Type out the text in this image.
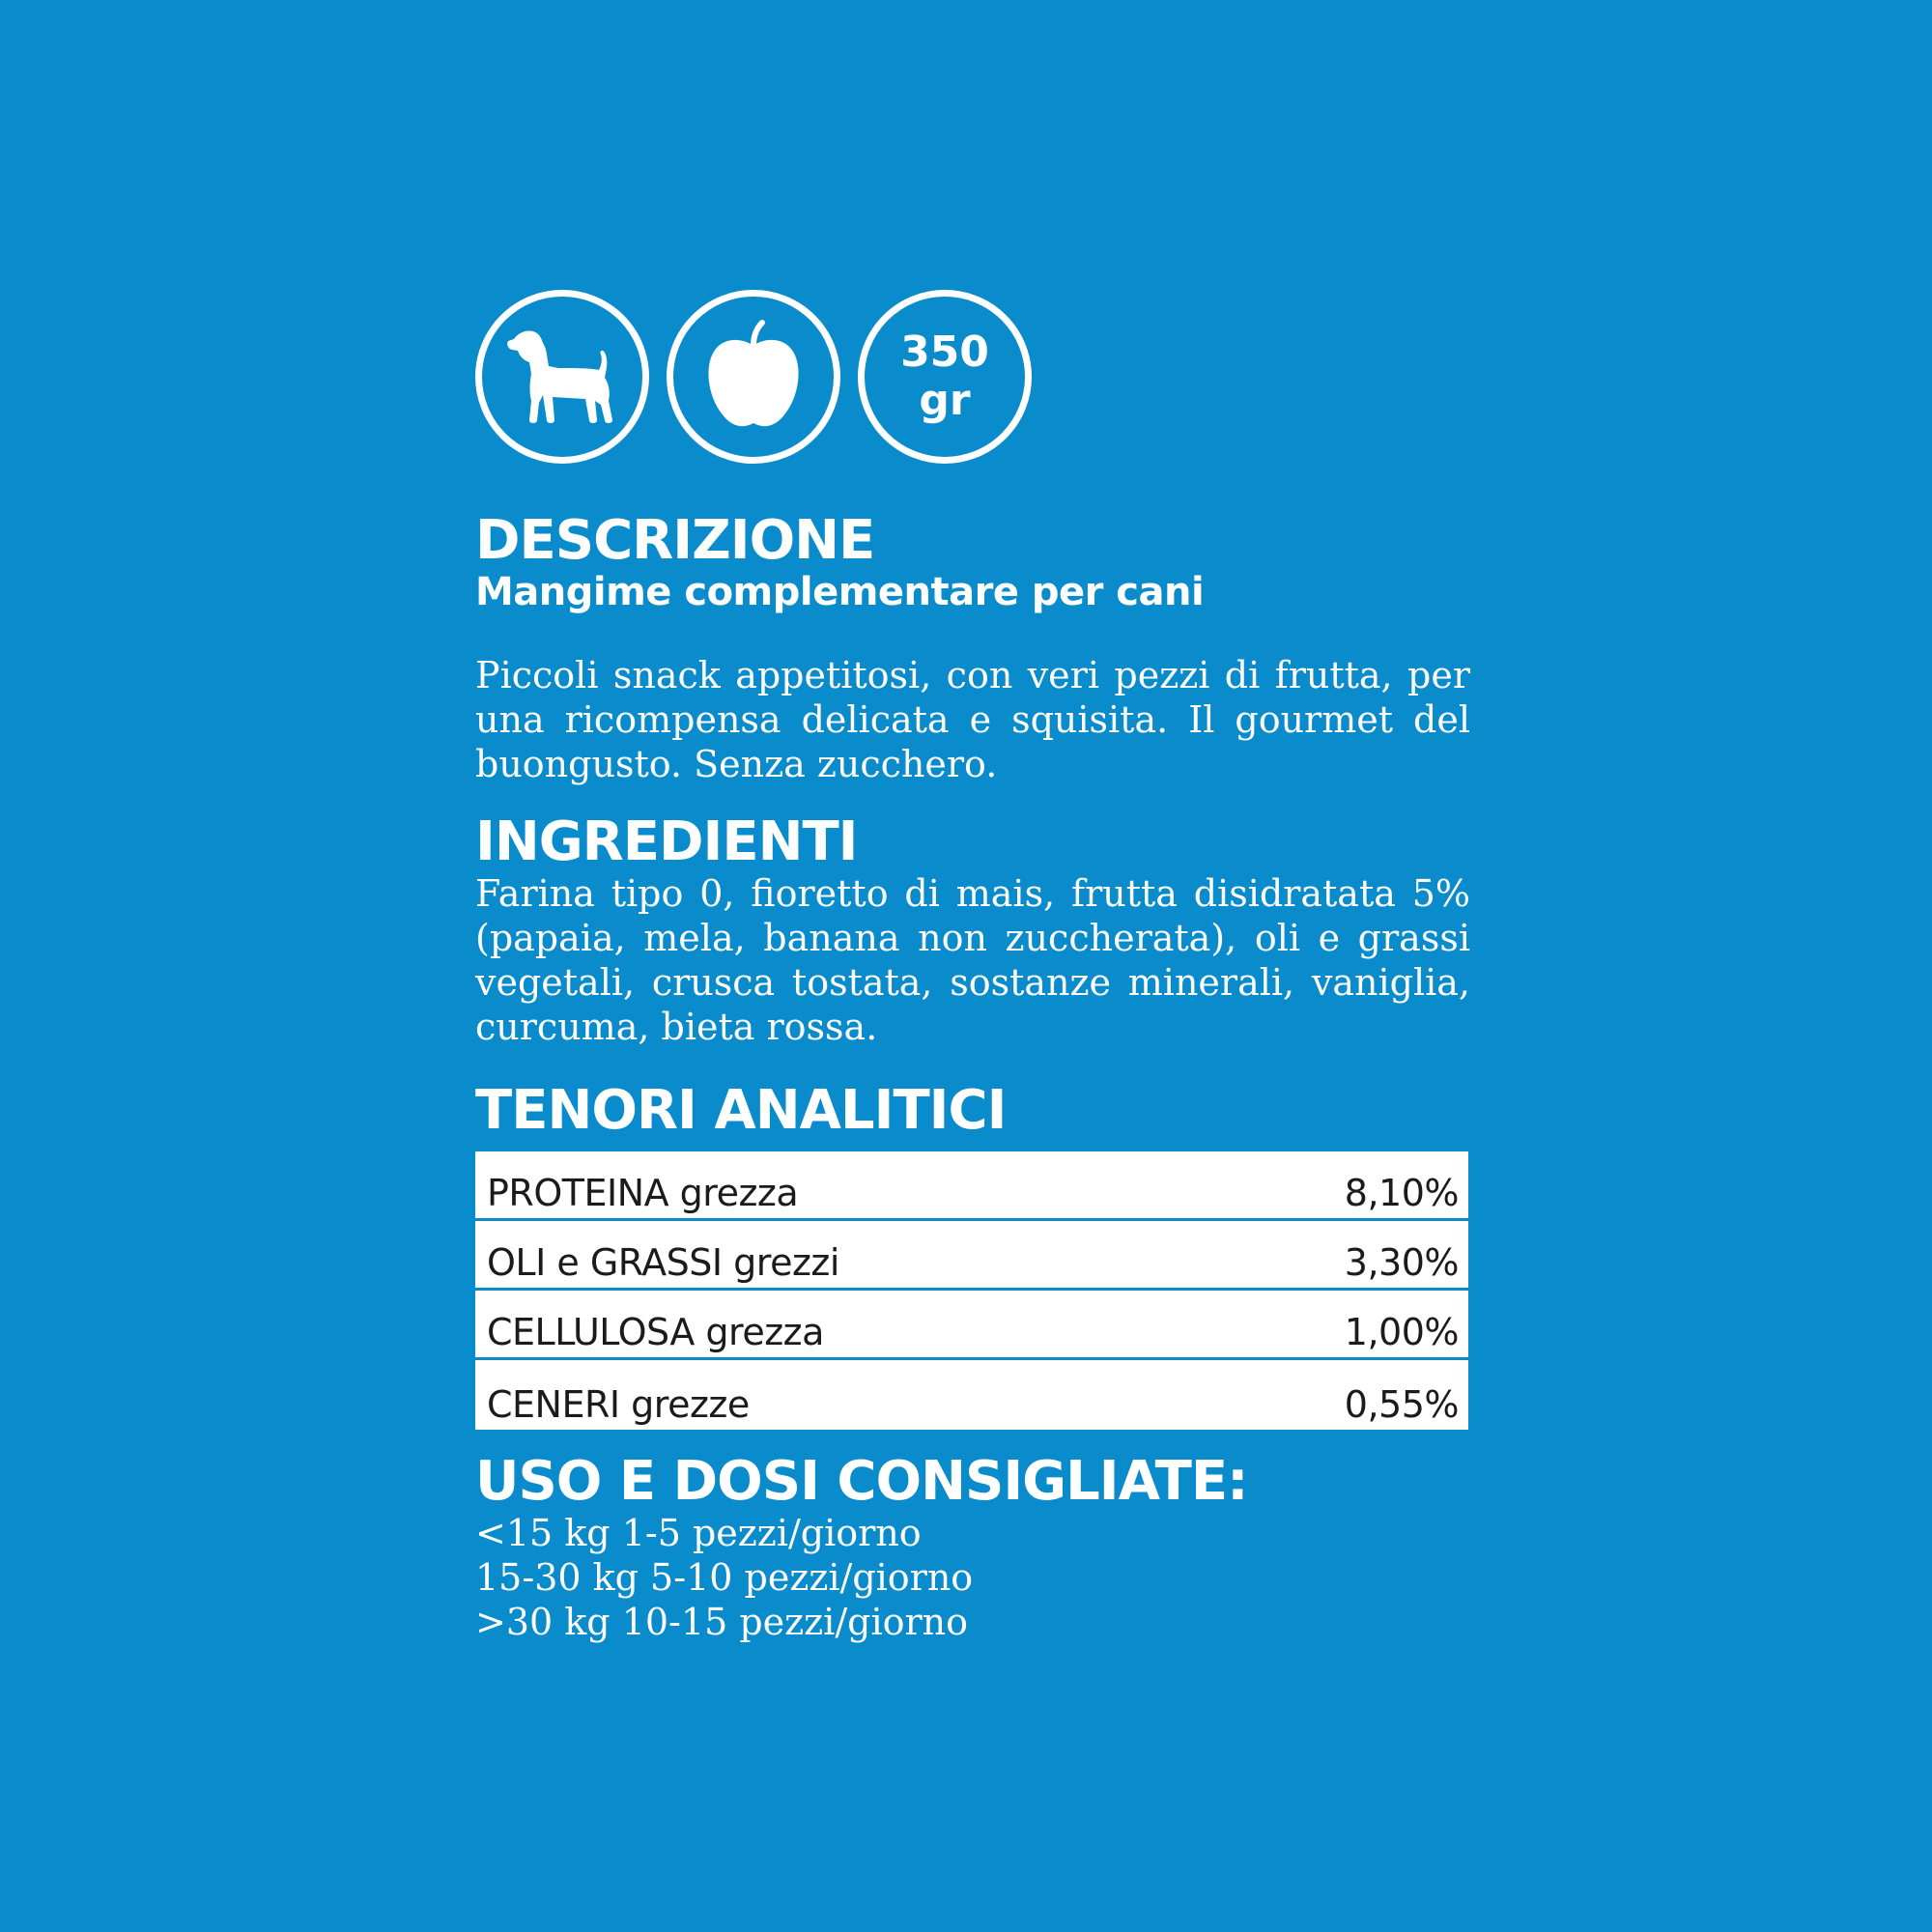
350
gr
DESCRIZIONE

Mangime complementare per cani

Piccoli snack appetitosi, con veri pezzi di frutta, per una ricompensa delicata e squisita. Il gourmet del buongusto. Senza zucchero.

INGREDIENTI

Farina tipo 0, fioretto di mais, frutta disidratata 5% (papaia, mela, banana non zuccherata), oli e grassi vegetali, crusca tostata, sostanze minerali, vaniglia, curcuma, bieta rossa.

TENORI ANALITICI
PROTEINA grezza	8,10%
OLI e GRASSI grezzi	3,30%
CELLULOSA grezza	1,00%
CENERI grezze	0,55%
USO E DOSI CONSIGLIATE:

<15 kg 1-5 pezzi/giorno

15-30 kg 5-10 pezzi/giorno

>30 kg 10-15 pezzi/giorno
